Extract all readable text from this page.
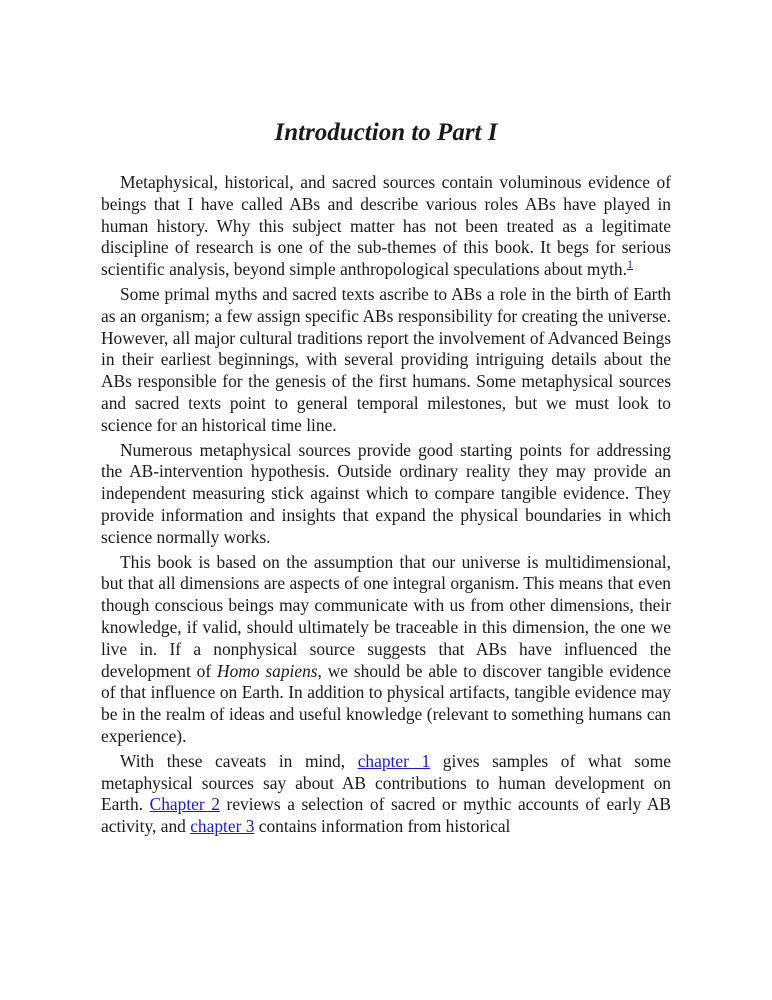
Introduction to Part I

Metaphysical, historical, and sacred sources contain voluminous evidence of beings that I have called ABs and describe various roles ABs have played in human history. Why this subject matter has not been treated as a legitimate discipline of research is one of the sub-themes of this book. It begs for serious scientific analysis, beyond simple anthropological speculations about myth.$^1$

Some primal myths and sacred texts ascribe to ABs a role in the birth of Earth as an organism; a few assign specific ABs responsibility for creating the universe. However, all major cultural traditions report the involvement of Advanced Beings in their earliest beginnings, with several providing intriguing details about the ABs responsible for the genesis of the first humans. Some metaphysical sources and sacred texts point to general temporal milestones, but we must look to science for an historical time line.

Numerous metaphysical sources provide good starting points for addressing the AB-intervention hypothesis. Outside ordinary reality they may provide an independent measuring stick against which to compare tangible evidence. They provide information and insights that expand the physical boundaries in which science normally works.

This book is based on the assumption that our universe is multidimensional, but that all dimensions are aspects of one integral organism. This means that even though conscious beings may communicate with us from other dimensions, their knowledge, if valid, should ultimately be traceable in this dimension, the one we live in. If a nonphysical source suggests that ABs have influenced the development of Homo sapiens, we should be able to discover tangible evidence of that influence on Earth. In addition to physical artifacts, tangible evidence may be in the realm of ideas and useful knowledge (relevant to something humans can experience).

With these caveats in mind, chapter 1 gives samples of what some metaphysical sources say about AB contributions to human development on Earth. Chapter 2 reviews a selection of sacred or mythic accounts of early AB activity, and chapter 3 contains information from historical
